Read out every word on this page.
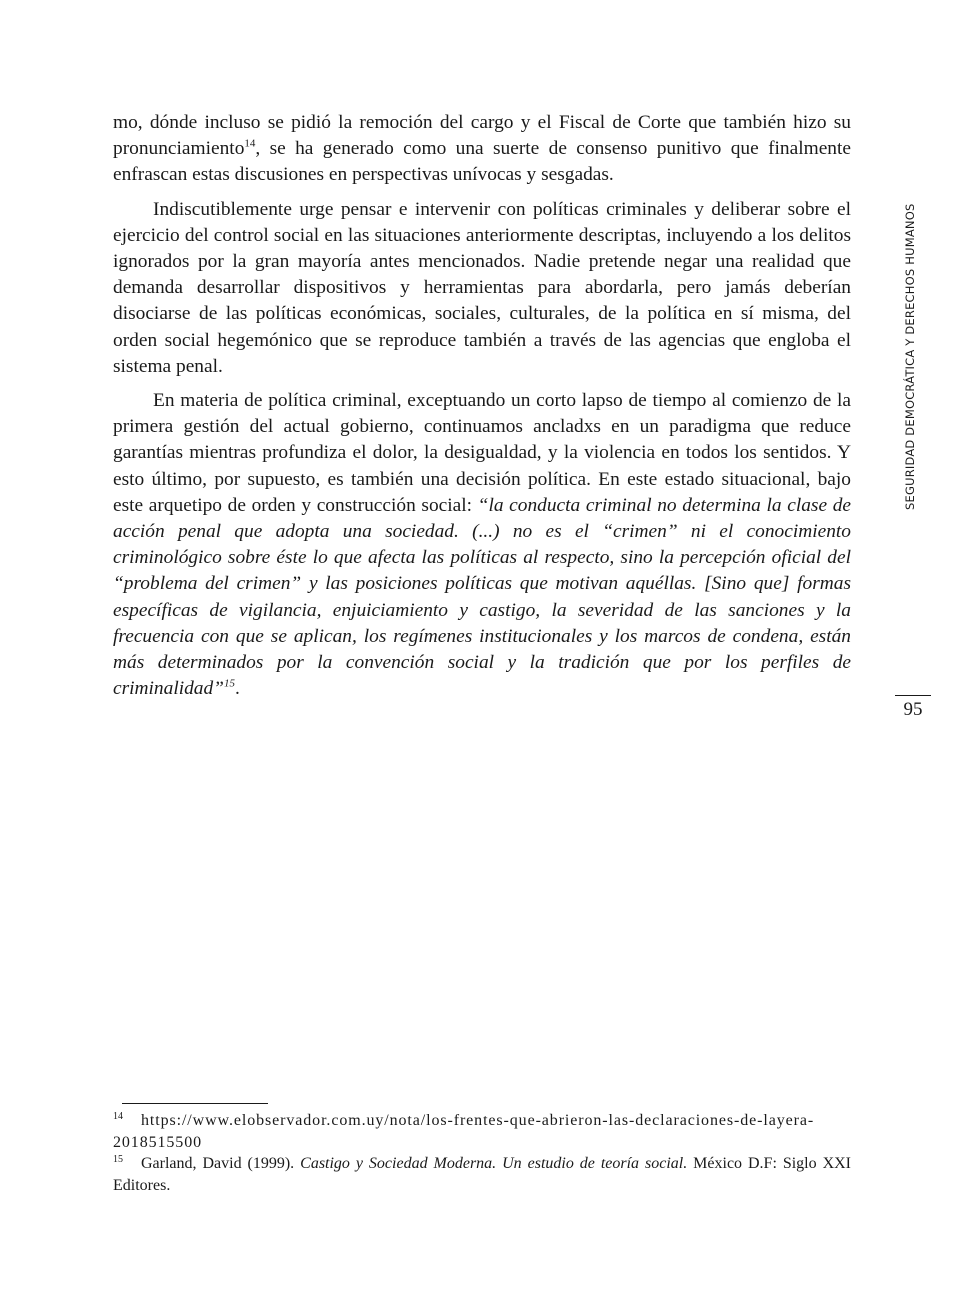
mo, dónde incluso se pidió la remoción del cargo y el Fiscal de Corte que también hizo su pronunciamiento$^{14}$, se ha generado como una suerte de consenso punitivo que finalmente enfrascan estas discusiones en perspectivas unívocas y sesgadas.

Indiscutiblemente urge pensar e intervenir con políticas criminales y deliberar sobre el ejercicio del control social en las situaciones anteriormente descriptas, incluyendo a los delitos ignorados por la gran mayoría antes mencionados. Nadie pretende negar una realidad que demanda desarrollar dispositivos y herramientas para abordarla, pero jamás deberían disociarse de las políticas económicas, sociales, culturales, de la política en sí misma, del orden social hegemónico que se reproduce también a través de las agencias que engloba el sistema penal.

En materia de política criminal, exceptuando un corto lapso de tiempo al comienzo de la primera gestión del actual gobierno, continuamos ancladxs en un paradigma que reduce garantías mientras profundiza el dolor, la desigualdad, y la violencia en todos los sentidos. Y esto último, por supuesto, es también una decisión política. En este estado situacional, bajo este arquetipo de orden y construcción social: “la conducta criminal no determina la clase de acción penal que adopta una sociedad. (...) no es el “crimen” ni el conocimiento criminológico sobre éste lo que afecta las políticas al respecto, sino la percepción oficial del “problema del crimen” y las posiciones políticas que motivan aquéllas. [Sino que] formas específicas de vigilancia, enjuiciamiento y castigo, la severidad de las sanciones y la frecuencia con que se aplican, los regímenes institucionales y los marcos de condena, están más determinados por la convención social y la tradición que por los perfiles de criminalidad”$^{15}$.

SEGURIDAD DEMOCRÁTICA Y DERECHOS HUMANOS
95

$^{14}$ https://www.elobservador.com.uy/nota/los-frentes-que-abrieron-las-declaraciones-de-layera-2018515500

$^{15}$ Garland, David (1999). Castigo y Sociedad Moderna. Un estudio de teoría social. México D.F: Siglo XXI Editores.
